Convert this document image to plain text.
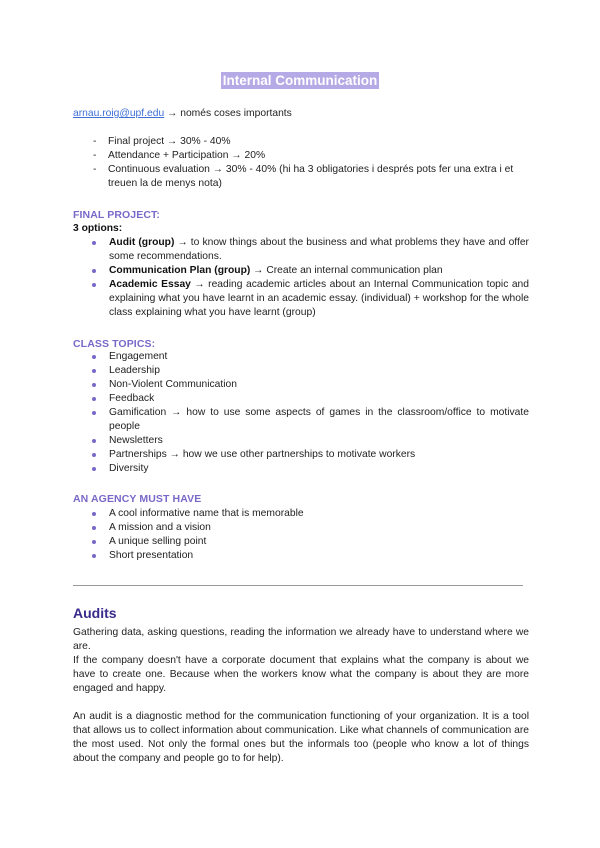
Internal Communication
arnau.roig@upf.edu → només coses importants
- Final project → 30% - 40%
- Attendance + Participation → 20%
- Continuous evaluation → 30% - 40% (hi ha 3 obligatories i després pots fer una extra i et treuen la de menys nota)
FINAL PROJECT:
3 options:
Audit (group) → to know things about the business and what problems they have and offer some recommendations.
Communication Plan (group) → Create an internal communication plan
Academic Essay → reading academic articles about an Internal Communication topic and explaining what you have learnt in an academic essay. (individual) + workshop for the whole class explaining what you have learnt (group)
CLASS TOPICS:
Engagement
Leadership
Non-Violent Communication
Feedback
Gamification → how to use some aspects of games in the classroom/office to motivate people
Newsletters
Partnerships → how we use other partnerships to motivate workers
Diversity
AN AGENCY MUST HAVE
A cool informative name that is memorable
A mission and a vision
A unique selling point
Short presentation
Audits

Gathering data, asking questions, reading the information we already have to understand where we are.

If the company doesn't have a corporate document that explains what the company is about we have to create one. Because when the workers know what the company is about they are more engaged and happy.

An audit is a diagnostic method for the communication functioning of your organization. It is a tool that allows us to collect information about communication. Like what channels of communication are the most used. Not only the formal ones but the informals too (people who know a lot of things about the company and people go to for help).
